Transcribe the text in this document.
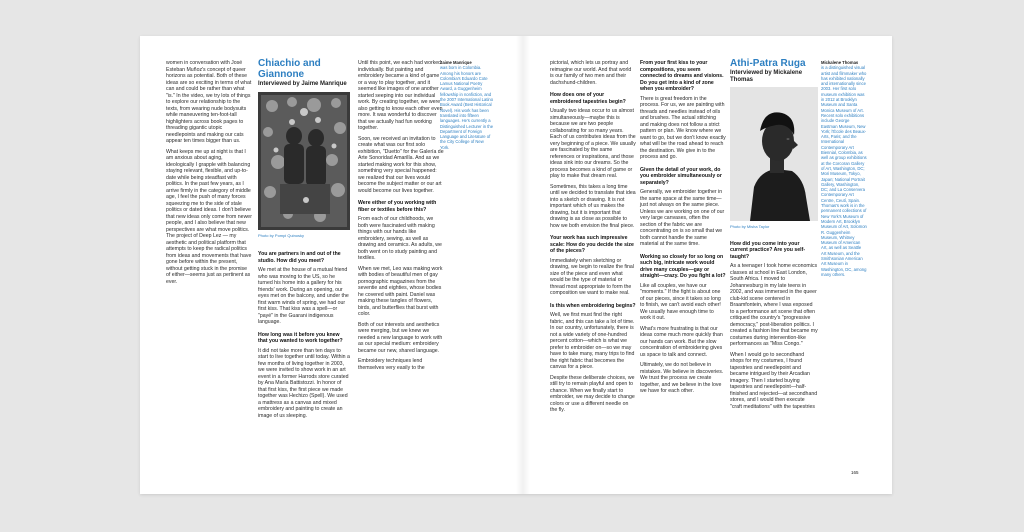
women in conversation with José Esteban Muñoz's concept of queer horizons as potential. Both of these ideas are so exciting in terms of what can and could be rather than what "is." In the video, we try lots of things to explore our relationship to the texts, from wearing nude bodysuits while maneuvering ten-foot-tall highlighters across book pages to threading gigantic utopic needlepoints and making our cats appear ten times bigger than us.

What keeps me up at night is that I am anxious about aging, ideologically I grapple with balancing staying relevant, flexible, and up-to-date while being steadfast with politics. In the past few years, as I arrive firmly in the category of middle age, I feel the push of many forces squeezing me to the side of stale politics or dated ideas. I don't believe that new ideas only come from newer people, and I also believe that new perspectives are what move politics. The project of Deep Lez — my aesthetic and political platform that attempts to keep the radical politics from ideas and movements that have gone before within the present, without getting stuck in the promise of either—seems just as pertinent as ever.

Chiachio and Giannone
Interviewed by Jaime Manrique
Photo by Pompi Quinosky
You are partners in and out of the studio. How did you meet?

We met at the house of a mutual friend who was moving to the US, so he turned his home into a gallery for his friends' work. During an opening, our eyes met on the balcony, and under the first warm winds of spring, we had our first kiss. That kiss was a spell—or "payé" in the Guarani indigenous language.

How long was it before you knew that you wanted to work together?

It did not take more than ten days to start to live together until today. Within a few months of living together in 2003, we were invited to show work in an art event in a former Harrods store curated by Ana María Battistozzi. In honor of that first kiss, the first piece we made together was Hechizo (Spell). We used a mattress as a canvas and mixed embroidery and painting to create an image of us sleeping.

Until this point, we each had worked individually. But painting and embroidery became a kind of game or a way to play together, and it seemed like images of one another started seeping into our individual work. By creating together, we were also getting to know each other even more. It was wonderful to discover that we actually had fun working together.

Soon, we received an invitation to create what was our first solo exhibition, "Duetto" for the Galería de Arte Sonoridad Amarilla. And as we started making work for this show, something very special happened: we realized that our lives would become the subject matter or our art would become our lives together.

Were either of you working with fiber or textiles before this?

From each of our childhoods, we both were fascinated with making things with our hands like embroidery, sewing, as well as drawing and ceramics. As adults, we both went on to study painting and textiles.

When we met, Leo was making work with bodies of beautiful men of gay pornographic magazines from the seventie and eighties, whose bodies he covered with paint. Daniel was making these tangles of flowers, birds, and butterflies that burst with color.

Both of our interests and aesthetics were merging, but we knew we needed a new language to work with as our special medium: embroidery became our new, shared language.

Embroidery techniques lend themselves very easily to the

Jaime Manrique
was born in Colombia. Among his honors are Colombia's Eduardo Cote Lamus National Poetry Award, a Guggenheim fellowship in nonfiction, and the 2007 International Latino Book Award (Best Historical Novel). His work has been translated into fifteen languages. He's currently a Distinguished Lecturer in the Department of Foreign Language and Literature of the City College of New York.

pictorial, which lets us portray and reimagine our world. And that world is our family of two men and their dachshund-children.

How does one of your embroidered tapestries begin?

Usually two ideas occur to us almost simultaneously—maybe this is because we are two people collaborating for so many years. Each of us contributes ideas from the very beginning of a piece. We usually are fascinated by the same references or inspirations, and those ideas sink into our dreams. So the process becomes a kind of game or play to make that dream real.

Sometimes, this takes a long time until we decided to translate that idea into a sketch or drawing. It is not important which of us makes the drawing, but it is important that drawing is as close as possible to how we both envision the final piece.

Your work has such impressive scale: How do you decide the size of the pieces?

Immediately when sketching or drawing, we begin to realize the final size of the piece and even what would be the type of material or thread most appropriate to form the composition we want to make real.

Is this when embroidering begins?

Well, we first must find the right fabric, and this can take a lot of time. In our country, unfortunately, there is not a wide variety of one-hundred percent cotton—which is what we prefer to embroider on—so we may have to take many, many trips to find the right fabric that becomes the canvas for a piece.

Despite these deliberate choices, we still try to remain playful and open to chance. When we finally start to embroider, we may decide to change colors or use a different needle on the fly.

From your first kiss to your compositions, you seem connected to dreams and visions. Do you get into a kind of zone when you embroider?

There is great freedom in the process. For us, we are painting with threads and needles instead of oils and brushes. The actual stitching and making does not follow a strict pattern or plan. We know where we want to go, but we don't know exactly what will be the road ahead to reach the destination. We give in to the process and go.

Given the detail of your work, do you embroider simultaneously or separately?

Generally, we embroider together in the same space at the same time—just not always on the same piece. Unless we are working on one of our very large canvases, often the section of the fabric we are concentrating on is so small that we both cannot handle the same material at the same time.

Working so closely for so long on such big, intricate work would drive many couples—gay or straight—crazy. Do you fight a lot?

Like all couples, we have our "moments." If the fight is about one of our pieces, since it takes so long to finish, we can't avoid each other! We usually have enough time to work it out.

What's more frustrating is that our ideas come much more quickly than our hands can work. But the slow concentration of embroidering gives us space to talk and connect.

Ultimately, we do not believe in mistakes. We believe in discoveries. We trust the process we create together, and we believe in the love we have for each other.

Athi-Patra Ruga
Interviewed by Mickalene Thomas
Photo by Misha Taylor
How did you come into your current practice? Are you self-taught?

As a teenager I took home economics classes at school in East London, South Africa. I moved to Johannesburg in my late teens in 2002, and was immersed in the queer club-kid scene centered in Braamfontein, where I was exposed to a performance art scene that often critiqued the country's "progressive democracy," post-liberation politics. I created a fashion line that became my costumes during intervention-like performances as "Miss Congo."

When I would go to secondhand shops for my costumes, I found tapestries and needlepoint and became intrigued by their Arcadian imagery. Then I started buying tapestries and needlepoint—half-finished and rejected—at secondhand stores, and I would then execute "craft meditations" with the tapestries

Mickalene Thomas
is a distinguished visual artist and filmmaker who has exhibited nationally and internationally since 2003. Her first solo museum exhibition was in 2012 at Brooklyn Museum and Santa Monica Museum of Art. Recent solo exhibitions include George Eastman Museum, New York; l'École des Beaux-Arts, Paris; and the International Contemporary Art Biennial, Colombia, as well as group exhibitions at the Corcoran Gallery of Art, Washington, DC; Mori Museum, Tokyo, Japan; National Portrait Gallery, Washington, DC; and La Conservera Contemporary Art Centre, Ceutí, Spain. Thomas's work is in the permanent collections of New York's Museum of Modern Art, Brooklyn Museum of Art, Solomon R. Guggenheim Museum, Whitney Museum of American Art, as well as Seattle Art Museum, and the Smithsonian American Art Museum in Washington, DC, among many others.
165
